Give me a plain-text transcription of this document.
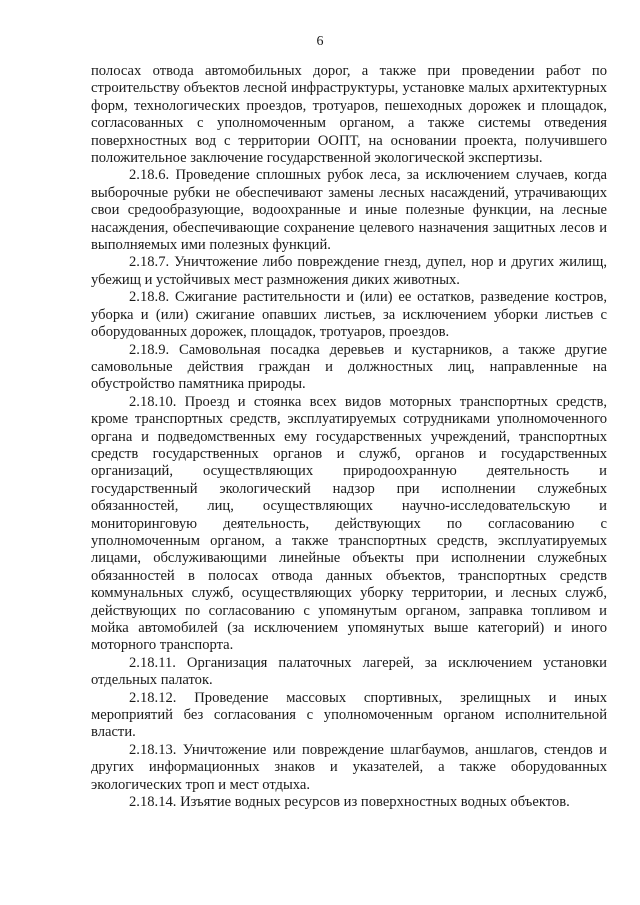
6

полосах отвода автомобильных дорог, а также при проведении работ по строительству объектов лесной инфраструктуры, установке малых архитектурных форм, технологических проездов, тротуаров, пешеходных дорожек и площадок, согласованных с уполномоченным органом, а также системы отведения поверхностных вод с территории ООПТ, на основании проекта, получившего положительное заключение государственной экологической экспертизы.

2.18.6. Проведение сплошных рубок леса, за исключением случаев, когда выборочные рубки не обеспечивают замены лесных насаждений, утрачивающих свои средообразующие, водоохранные и иные полезные функции, на лесные насаждения, обеспечивающие сохранение целевого назначения защитных лесов и выполняемых ими полезных функций.

2.18.7. Уничтожение либо повреждение гнезд, дупел, нор и других жилищ, убежищ и устойчивых мест размножения диких животных.

2.18.8. Сжигание растительности и (или) ее остатков, разведение костров, уборка и (или) сжигание опавших листьев, за исключением уборки листьев с оборудованных дорожек, площадок, тротуаров, проездов.

2.18.9. Самовольная посадка деревьев и кустарников, а также другие самовольные действия граждан и должностных лиц, направленные на обустройство памятника природы.

2.18.10. Проезд и стоянка всех видов моторных транспортных средств, кроме транспортных средств, эксплуатируемых сотрудниками уполномоченного органа и подведомственных ему государственных учреждений, транспортных средств государственных органов и служб, органов и государственных организаций, осуществляющих природоохранную деятельность и государственный экологический надзор при исполнении служебных обязанностей, лиц, осуществляющих научно-исследовательскую и мониторинговую деятельность, действующих по согласованию с уполномоченным органом, а также транспортных средств, эксплуатируемых лицами, обслуживающими линейные объекты при исполнении служебных обязанностей в полосах отвода данных объектов, транспортных средств коммунальных служб, осуществляющих уборку территории, и лесных служб, действующих по согласованию с упомянутым органом, заправка топливом и мойка автомобилей (за исключением упомянутых выше категорий) и иного моторного транспорта.

2.18.11. Организация палаточных лагерей, за исключением установки отдельных палаток.

2.18.12. Проведение массовых спортивных, зрелищных и иных мероприятий без согласования с уполномоченным органом исполнительной власти.

2.18.13. Уничтожение или повреждение шлагбаумов, аншлагов, стендов и других информационных знаков и указателей, а также оборудованных экологических троп и мест отдыха.

2.18.14. Изъятие водных ресурсов из поверхностных водных объектов.
